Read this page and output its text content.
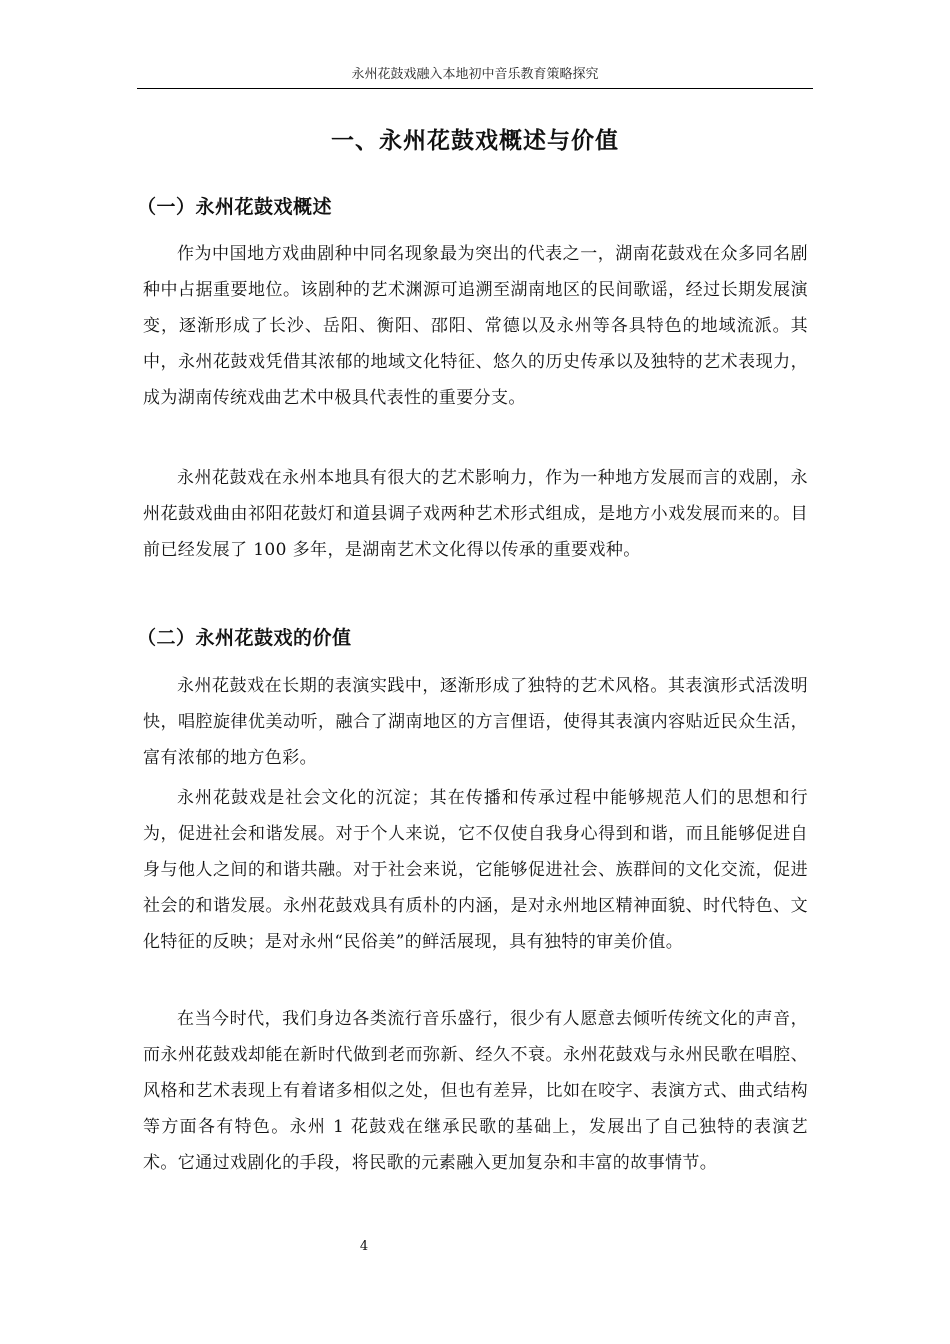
永州花鼓戏融入本地初中音乐教育策略探究
一、永州花鼓戏概述与价值
（一）永州花鼓戏概述

作为中国地方戏曲剧种中同名现象最为突出的代表之一，湖南花鼓戏在众多同名剧种中占据重要地位。该剧种的艺术渊源可追溯至湖南地区的民间歌谣，经过长期发展演变，逐渐形成了长沙、岳阳、衡阳、邵阳、常德以及永州等各具特色的地域流派。其中，永州花鼓戏凭借其浓郁的地域文化特征、悠久的历史传承以及独特的艺术表现力，成为湖南传统戏曲艺术中极具代表性的重要分支。

永州花鼓戏在永州本地具有很大的艺术影响力，作为一种地方发展而言的戏剧，永州花鼓戏曲由祁阳花鼓灯和道县调子戏两种艺术形式组成，是地方小戏发展而来的。目前已经发展了 100 多年，是湖南艺术文化得以传承的重要戏种。

（二）永州花鼓戏的价值

永州花鼓戏在长期的表演实践中，逐渐形成了独特的艺术风格。其表演形式活泼明快，唱腔旋律优美动听，融合了湖南地区的方言俚语，使得其表演内容贴近民众生活，富有浓郁的地方色彩。

永州花鼓戏是社会文化的沉淀；其在传播和传承过程中能够规范人们的思想和行为，促进社会和谐发展。对于个人来说，它不仅使自我身心得到和谐，而且能够促进自身与他人之间的和谐共融。对于社会来说，它能够促进社会、族群间的文化交流，促进社会的和谐发展。永州花鼓戏具有质朴的内涵，是对永州地区精神面貌、时代特色、文化特征的反映；是对永州“民俗美”的鲜活展现，具有独特的审美价值。

在当今时代，我们身边各类流行音乐盛行，很少有人愿意去倾听传统文化的声音，而永州花鼓戏却能在新时代做到老而弥新、经久不衰。永州花鼓戏与永州民歌在唱腔、风格和艺术表现上有着诸多相似之处，但也有差异，比如在咬字、表演方式、曲式结构等方面各有特色。永州 1 花鼓戏在继承民歌的基础上，发展出了自己独特的表演艺术。它通过戏剧化的手段，将民歌的元素融入更加复杂和丰富的故事情节。

4
